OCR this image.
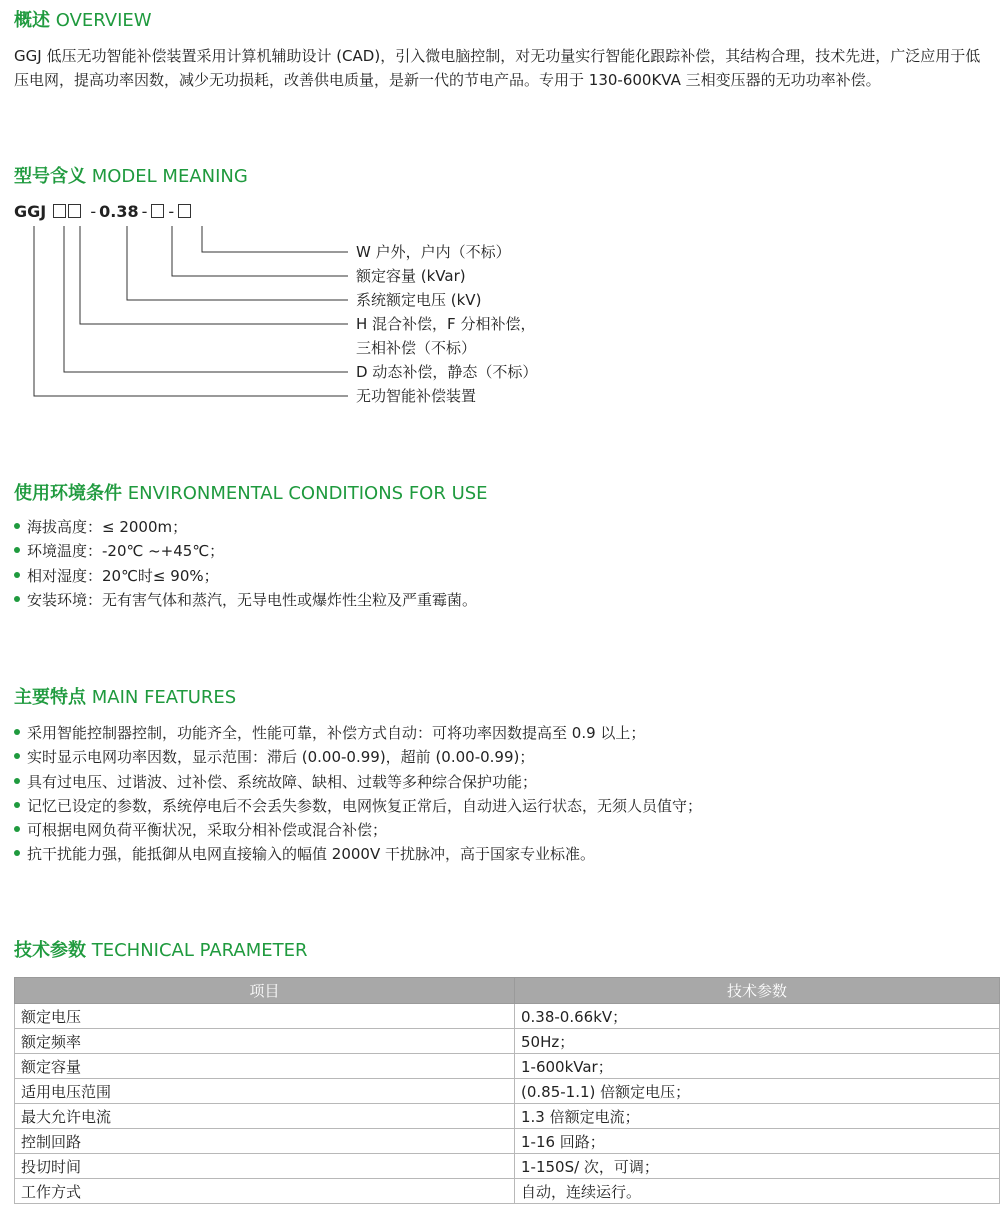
概述 OVERVIEW
GGJ 低压无功智能补偿装置采用计算机辅助设计 (CAD)，引入微电脑控制，对无功量实行智能化跟踪补偿，其结构合理，技术先进，广泛应用于低压电网，提高功率因数，减少无功损耗，改善供电质量，是新一代的节电产品。专用于 130-600KVA 三相变压器的无功功率补偿。
型号含义 MODEL MEANING
GGJ	- 0.38 - -
W 户外，户内（不标）
额定容量 (kVar)
系统额定电压 (kV)
H 混合补偿，F 分相补偿，
三相补偿（不标）
D 动态补偿，静态（不标）
无功智能补偿装置
使用环境条件 ENVIRONMENTAL CONDITIONS FOR USE
海拔高度：≤ 2000m；
环境温度：-20℃ ~+45℃；
相对湿度：20℃时≤ 90%；
安装环境：无有害气体和蒸汽，无导电性或爆炸性尘粒及严重霉菌。
主要特点 MAIN FEATURES
采用智能控制器控制，功能齐全，性能可靠，补偿方式自动：可将功率因数提高至 0.9 以上；
实时显示电网功率因数，显示范围：滞后 (0.00-0.99)，超前 (0.00-0.99)；
具有过电压、过谐波、过补偿、系统故障、缺相、过载等多种综合保护功能；
记忆已设定的参数，系统停电后不会丢失参数，电网恢复正常后，自动进入运行状态，无须人员值守；
可根据电网负荷平衡状况，采取分相补偿或混合补偿；
抗干扰能力强，能抵御从电网直接输入的幅值 2000V 干扰脉冲，高于国家专业标准。
技术参数 TECHNICAL PARAMETER
项目	技术参数
额定电压	0.38-0.66kV；
额定频率	50Hz；
额定容量	1-600kVar；
适用电压范围	(0.85-1.1) 倍额定电压；
最大允许电流	1.3 倍额定电流；
控制回路	1-16 回路；
投切时间	1-150S/ 次，可调；
工作方式	自动，连续运行。
